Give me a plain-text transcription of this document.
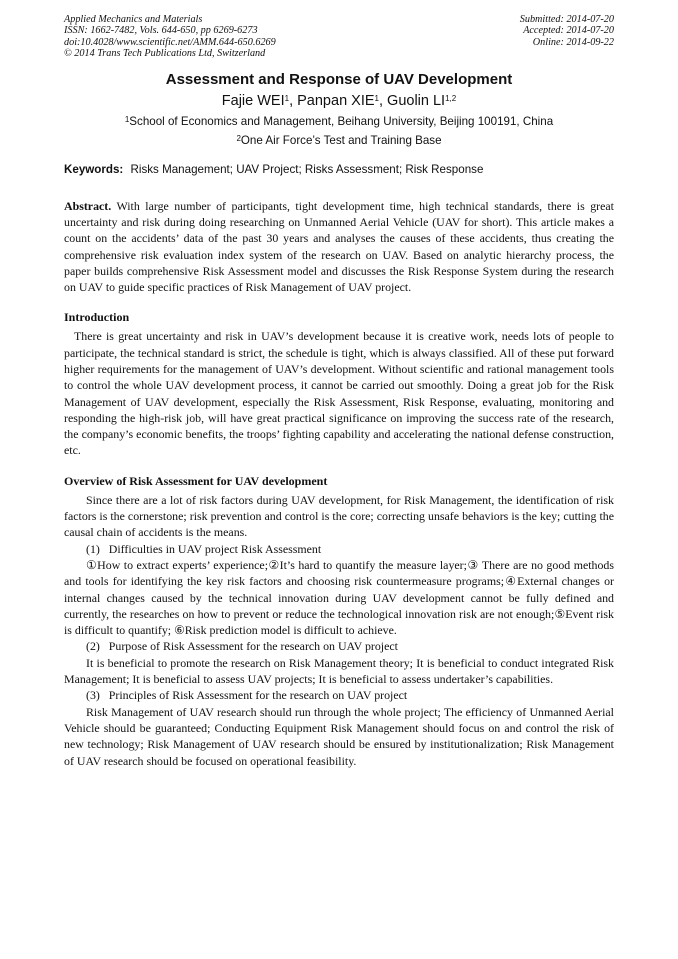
Applied Mechanics and Materials
ISSN: 1662-7482, Vols. 644-650, pp 6269-6273
doi:10.4028/www.scientific.net/AMM.644-650.6269
© 2014 Trans Tech Publications Ltd, Switzerland
Submitted: 2014-07-20
Accepted: 2014-07-20
Online: 2014-09-22
Assessment and Response of UAV Development
Fajie WEI$^1$, Panpan XIE$^1$, Guolin LI$^{1,2}$
$^1$School of Economics and Management, Beihang University, Beijing 100191, China
$^2$One Air Force’s Test and Training Base
Keywords: Risks Management; UAV Project; Risks Assessment; Risk Response

Abstract. With large number of participants, tight development time, high technical standards, there is great uncertainty and risk during doing researching on Unmanned Aerial Vehicle (UAV for short). This article makes a count on the accidents’ data of the past 30 years and analyses the causes of these accidents, thus creating the comprehensive risk evaluation index system of the research on UAV. Based on analytic hierarchy process, the paper builds comprehensive Risk Assessment model and discusses the Risk Response System during the research on UAV to guide specific practices of Risk Management of UAV project.

Introduction

There is great uncertainty and risk in UAV’s development because it is creative work, needs lots of people to participate, the technical standard is strict, the schedule is tight, which is always classified. All of these put forward higher requirements for the management of UAV’s development. Without scientific and rational management tools to control the whole UAV development process, it cannot be carried out smoothly. Doing a great job for the Risk Management of UAV development, especially the Risk Assessment, Risk Response, evaluating, monitoring and responding the high-risk job, will have great practical significance on improving the success rate of the research, the company’s economic benefits, the troops’ fighting capability and accelerating the national defense construction, etc.

Overview of Risk Assessment for UAV development

Since there are a lot of risk factors during UAV development, for Risk Management, the identification of risk factors is the cornerstone; risk prevention and control is the core; correcting unsafe behaviors is the key; cutting the causal chain of accidents is the means.

(1)   Difficulties in UAV project Risk Assessment

①How to extract experts’ experience;②It’s hard to quantify the measure layer;③ There are no good methods and tools for identifying the key risk factors and choosing risk countermeasure programs;④External changes or internal changes caused by the technical innovation during UAV development cannot be fully defined and currently, the researches on how to prevent or reduce the technological innovation risk are not enough;⑤Event risk is difficult to quantify; ⑥Risk prediction model is difficult to achieve.

(2)   Purpose of Risk Assessment for the research on UAV project

It is beneficial to promote the research on Risk Management theory; It is beneficial to conduct integrated Risk Management; It is beneficial to assess UAV projects; It is beneficial to assess undertaker’s capabilities.

(3)   Principles of Risk Assessment for the research on UAV project

Risk Management of UAV research should run through the whole project; The efficiency of Unmanned Aerial Vehicle should be guaranteed; Conducting Equipment Risk Management should focus on and control the risk of new technology; Risk Management of UAV research should be ensured by institutionalization; Risk Management of UAV research should be focused on operational feasibility.
